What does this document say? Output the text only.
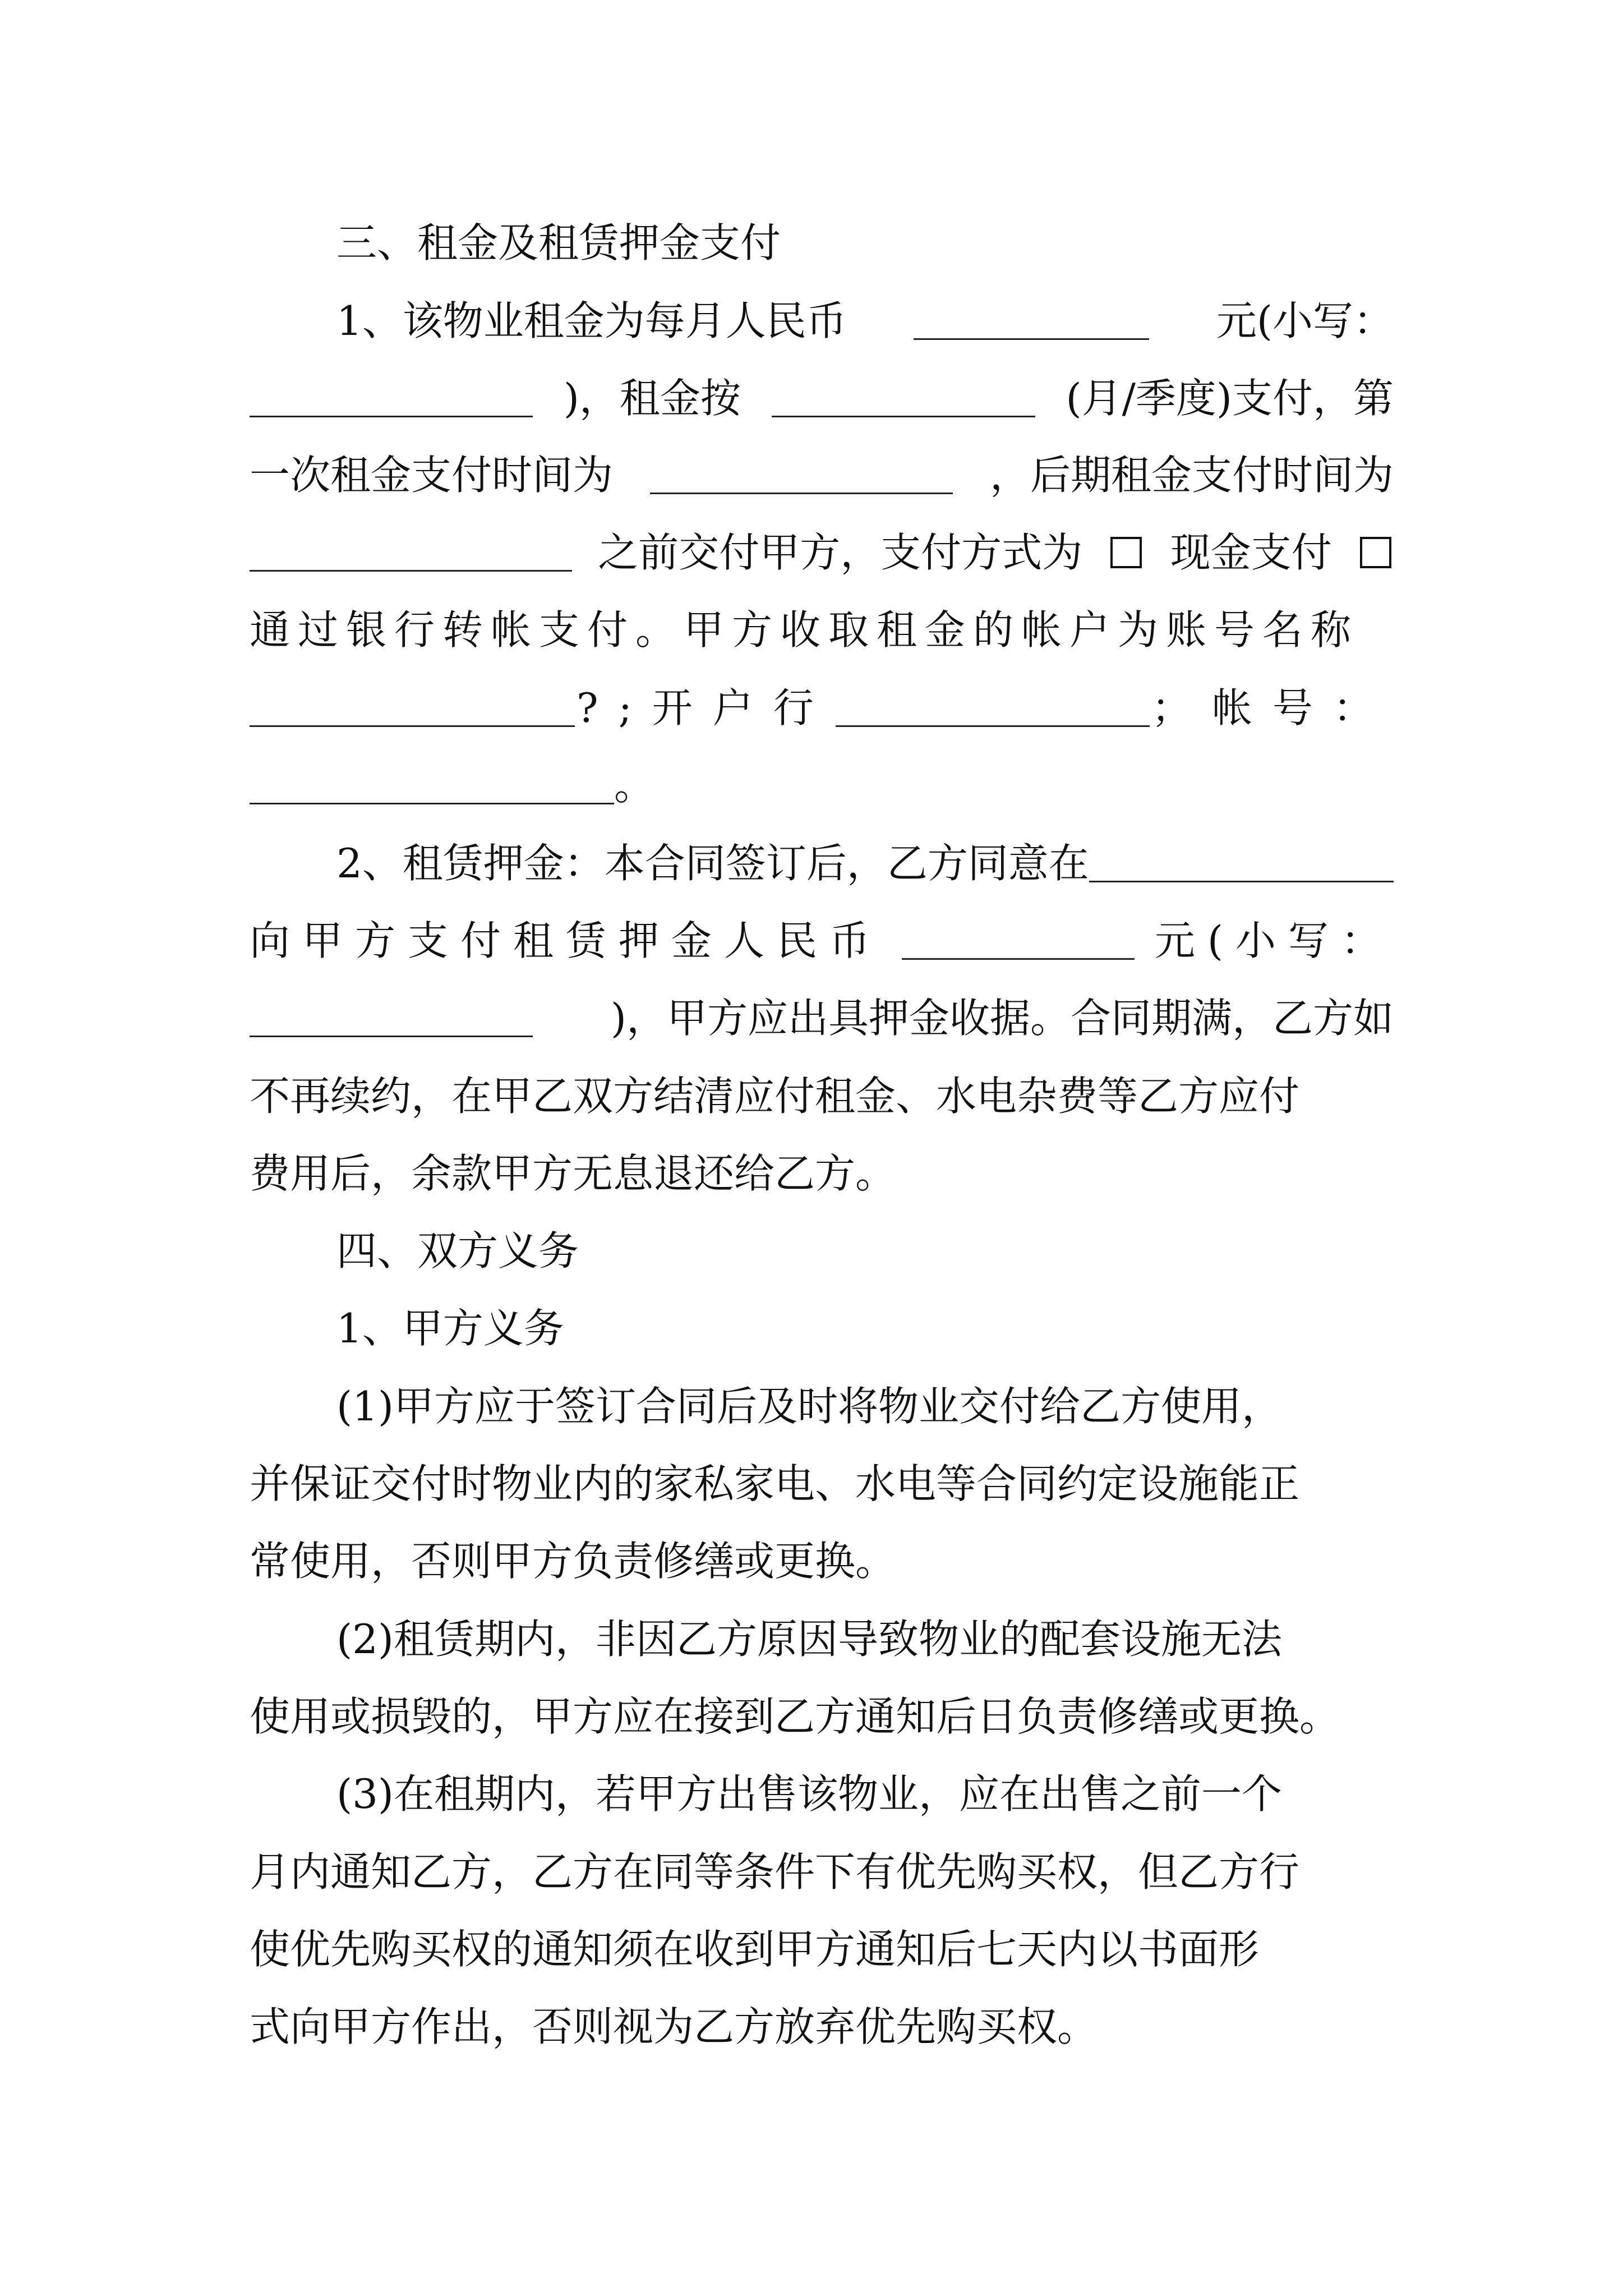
三、租金及租赁押金支付
1、该物业租金为每月人民币	元(小写：
)，租金按	(月/季度)支付，第
一次租金支付时间为	，后期租金支付时间为
之前交付甲方，支付方式为 现金支付
通过银行转帐支付。甲方收取租金的帐户为账号名称
?;开户行	；帐号：
。
2、租赁押金：本合同签订后，乙方同意在
向甲方支付租赁押金人民币	元(小写：
)，甲方应出具押金收据。合同期满，乙方如
不再续约，在甲乙双方结清应付租金、水电杂费等乙方应付
费用后，余款甲方无息退还给乙方。
四、双方义务
1、甲方义务
(1)甲方应于签订合同后及时将物业交付给乙方使用，
并保证交付时物业内的家私家电、水电等合同约定设施能正
常使用，否则甲方负责修缮或更换。
(2)租赁期内，非因乙方原因导致物业的配套设施无法
使用或损毁的，甲方应在接到乙方通知后日负责修缮或更换。
(3)在租期内，若甲方出售该物业，应在出售之前一个
月内通知乙方，乙方在同等条件下有优先购买权，但乙方行
使优先购买权的通知须在收到甲方通知后七天内以书面形
式向甲方作出，否则视为乙方放弃优先购买权。
